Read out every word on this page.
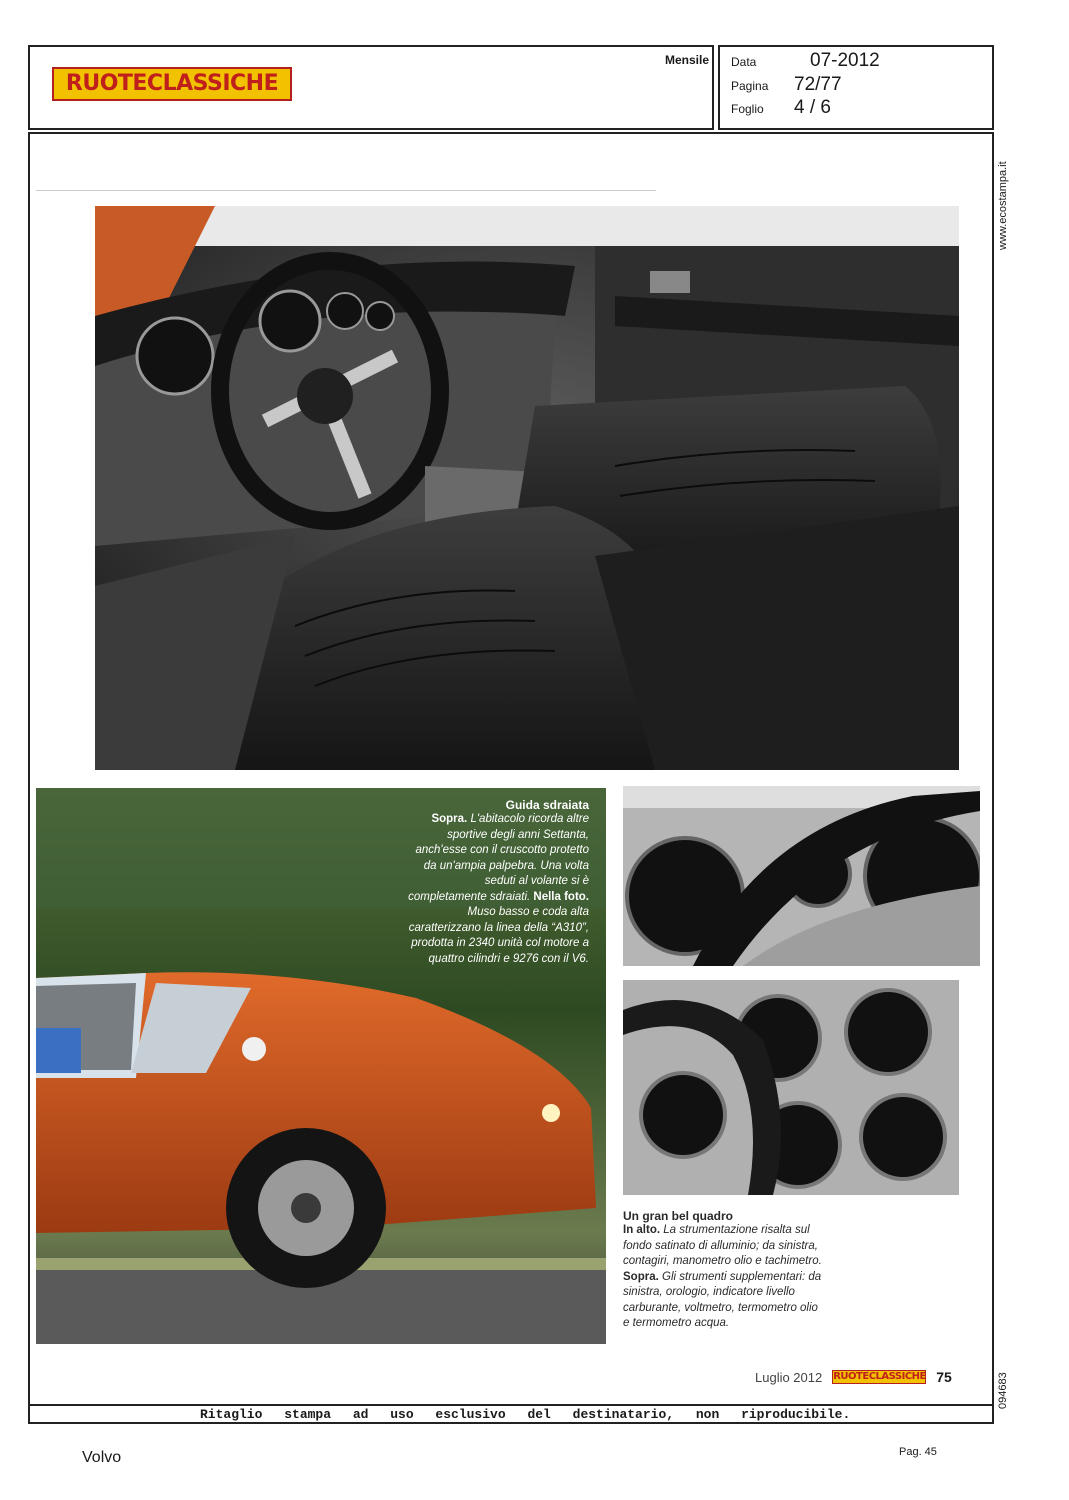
RUOTECLASSICHE
Mensile Data	07-2012
Pagina 72/77
Foglio 4 / 6
www.ecostampa.it
094683
Guida sdraiata
Sopra. L'abitacolo ricorda altre sportive degli anni Settanta, anch'esse con il cruscotto protetto da un'ampia palpebra. Una volta seduti al volante si è completamente sdraiati. Nella foto. Muso basso e coda alta caratterizzano la linea della “A310”, prodotta in 2340 unità col motore a quattro cilindri e 9276 con il V6.
Un gran bel quadro
In alto. La strumentazione risalta sul fondo satinato di alluminio; da sinistra, contagiri, manometro olio e tachimetro.
Sopra. Gli strumenti supplementari: da sinistra, orologio, indicatore livello carburante, voltmetro, termometro olio e termometro acqua.
Luglio 2012 RUOTECLASSICHE 75
Ritaglio stampa ad uso esclusivo del destinatario, non riproducibile.
Volvo	Pag. 45
